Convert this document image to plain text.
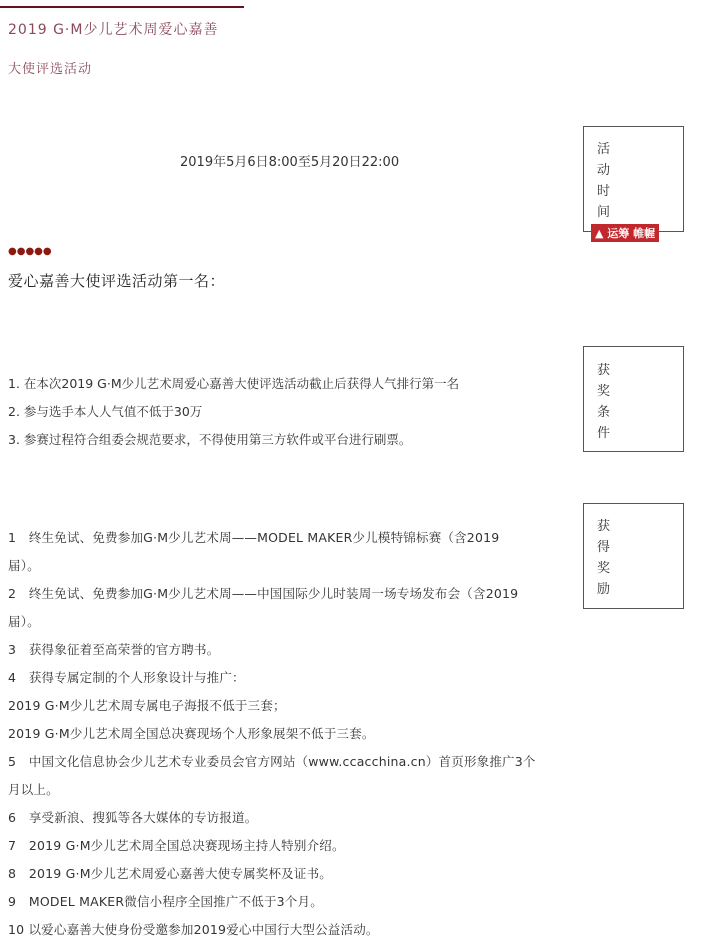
2019 G·M少儿艺术周爱心嘉善
大使评选活动
2019年5月6日8:00至5月20日22:00
活动时间
▲ 运筹 帷幄
●●●●●
爱心嘉善大使评选活动第一名：
获奖条件

1. 在本次2019 G·M少儿艺术周爱心嘉善大使评选活动截止后获得人气排行第一名

2. 参与选手本人人气值不低于30万

3. 参赛过程符合组委会规范要求，不得使用第三方软件或平台进行刷票。

获得奖励

1　终生免试、免费参加G·M少儿艺术周——MODEL MAKER少儿模特锦标赛（含2019

届）。

2　终生免试、免费参加G·M少儿艺术周——中国国际少儿时装周一场专场发布会（含2019

届）。

3　获得象征着至高荣誉的官方聘书。

4　获得专属定制的个人形象设计与推广：

2019 G·M少儿艺术周专属电子海报不低于三套；

2019 G·M少儿艺术周全国总决赛现场个人形象展架不低于三套。

5　中国文化信息协会少儿艺术专业委员会官方网站（www.ccacchina.cn）首页形象推广3个

月以上。

6　享受新浪、搜狐等各大媒体的专访报道。

7　2019 G·M少儿艺术周全国总决赛现场主持人特别介绍。

8　2019 G·M少儿艺术周爱心嘉善大使专属奖杯及证书。

9　MODEL MAKER微信小程序全国推广不低于3个月。

10 以爱心嘉善大使身份受邀参加2019爱心中国行大型公益活动。
